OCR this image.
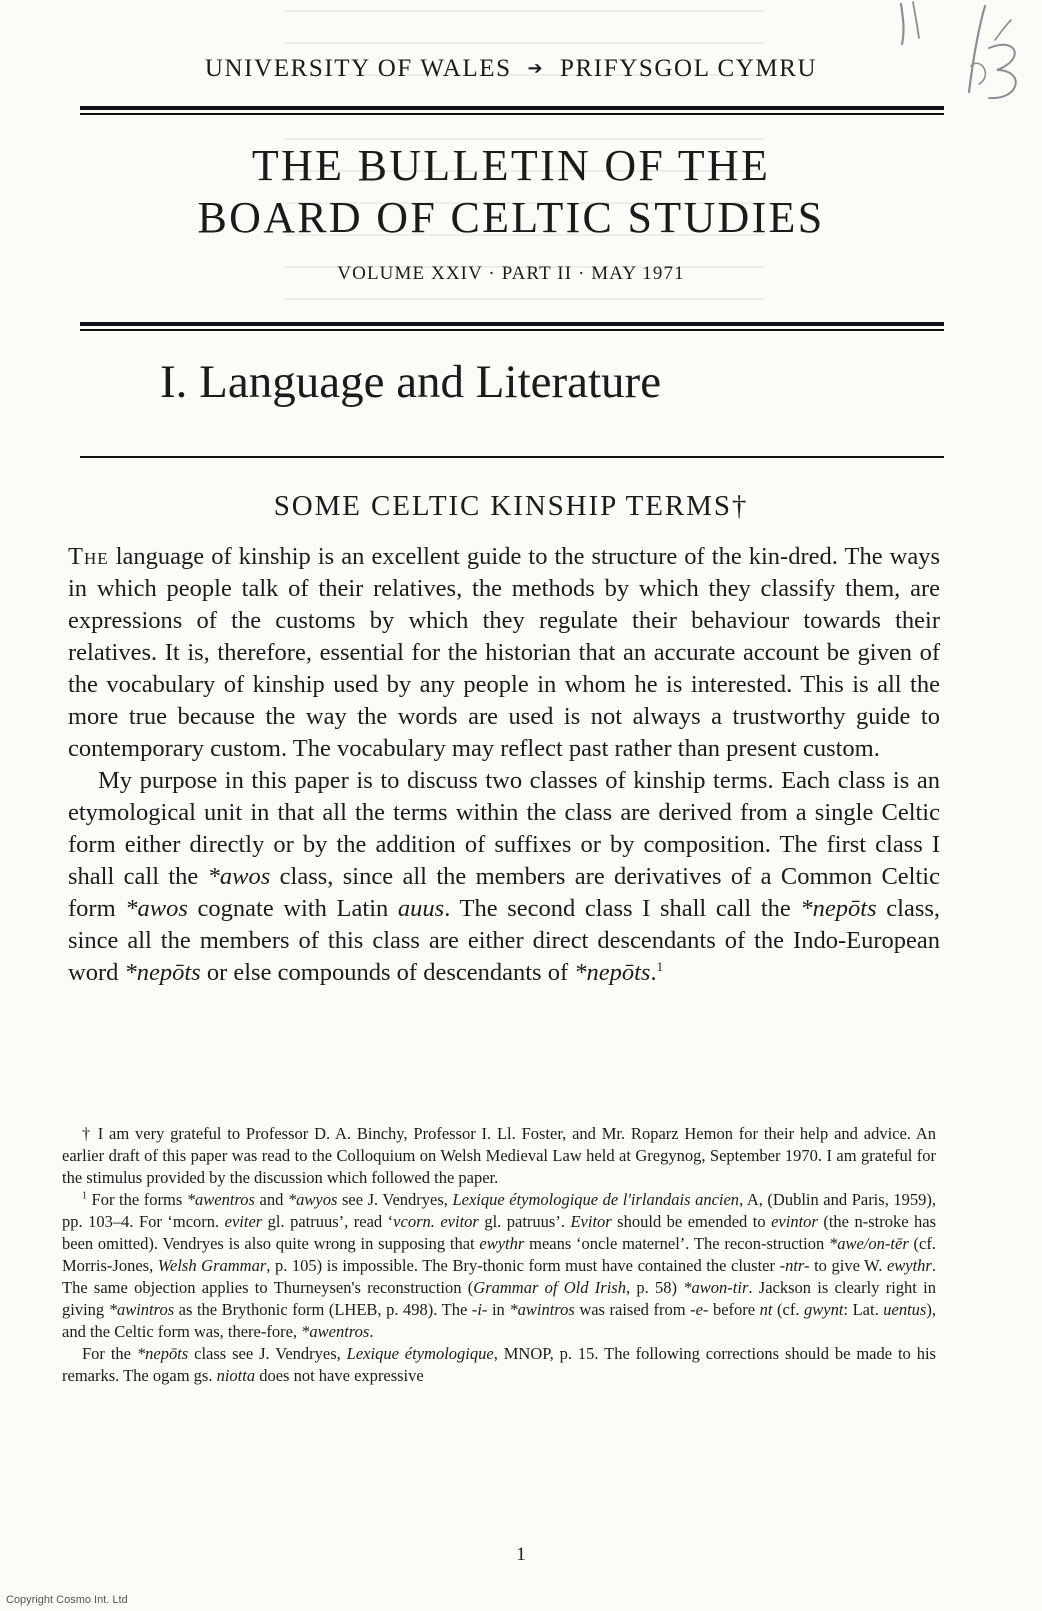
UNIVERSITY OF WALES ➔ PRIFYSGOL CYMRU
THE BULLETIN OF THE
BOARD OF CELTIC STUDIES
VOLUME XXIV · PART II · MAY 1971
I. Language and Literature
SOME CELTIC KINSHIP TERMS†

The language of kinship is an excellent guide to the structure of the kin-dred. The ways in which people talk of their relatives, the methods by which they classify them, are expressions of the customs by which they regulate their behaviour towards their relatives. It is, therefore, essential for the historian that an accurate account be given of the vocabulary of kinship used by any people in whom he is interested. This is all the more true because the way the words are used is not always a trustworthy guide to contemporary custom. The vocabulary may reflect past rather than present custom.

My purpose in this paper is to discuss two classes of kinship terms. Each class is an etymological unit in that all the terms within the class are derived from a single Celtic form either directly or by the addition of suffixes or by composition. The first class I shall call the *awos class, since all the members are derivatives of a Common Celtic form *awos cognate with Latin auus. The second class I shall call the *nepōts class, since all the members of this class are either direct descendants of the Indo-European word *nepōts or else compounds of descendants of *nepōts.$^1$

† I am very grateful to Professor D. A. Binchy, Professor I. Ll. Foster, and Mr. Roparz Hemon for their help and advice. An earlier draft of this paper was read to the Colloquium on Welsh Medieval Law held at Gregynog, September 1970. I am grateful for the stimulus provided by the discussion which followed the paper.

$^1$ For the forms *awentros and *awyos see J. Vendryes, Lexique étymologique de l'irlandais ancien, A, (Dublin and Paris, 1959), pp. 103–4. For ‘mcorn. eviter gl. patruus’, read ‘vcorn. evitor gl. patruus’. Evitor should be emended to evintor (the n-stroke has been omitted). Vendryes is also quite wrong in supposing that ewythr means ‘oncle maternel’. The recon-struction *awe/on-tēr (cf. Morris-Jones, Welsh Grammar, p. 105) is impossible. The Bry-thonic form must have contained the cluster -ntr- to give W. ewythr. The same objection applies to Thurneysen's reconstruction (Grammar of Old Irish, p. 58) *awon-tir. Jackson is clearly right in giving *awintros as the Brythonic form (LHEB, p. 498). The -i- in *awintros was raised from -e- before nt (cf. gwynt: Lat. uentus), and the Celtic form was, there-fore, *awentros.

For the *nepōts class see J. Vendryes, Lexique étymologique, MNOP, p. 15. The following corrections should be made to his remarks. The ogam gs. niotta does not have expressive

1
Copyright Cosmo Int. Ltd
